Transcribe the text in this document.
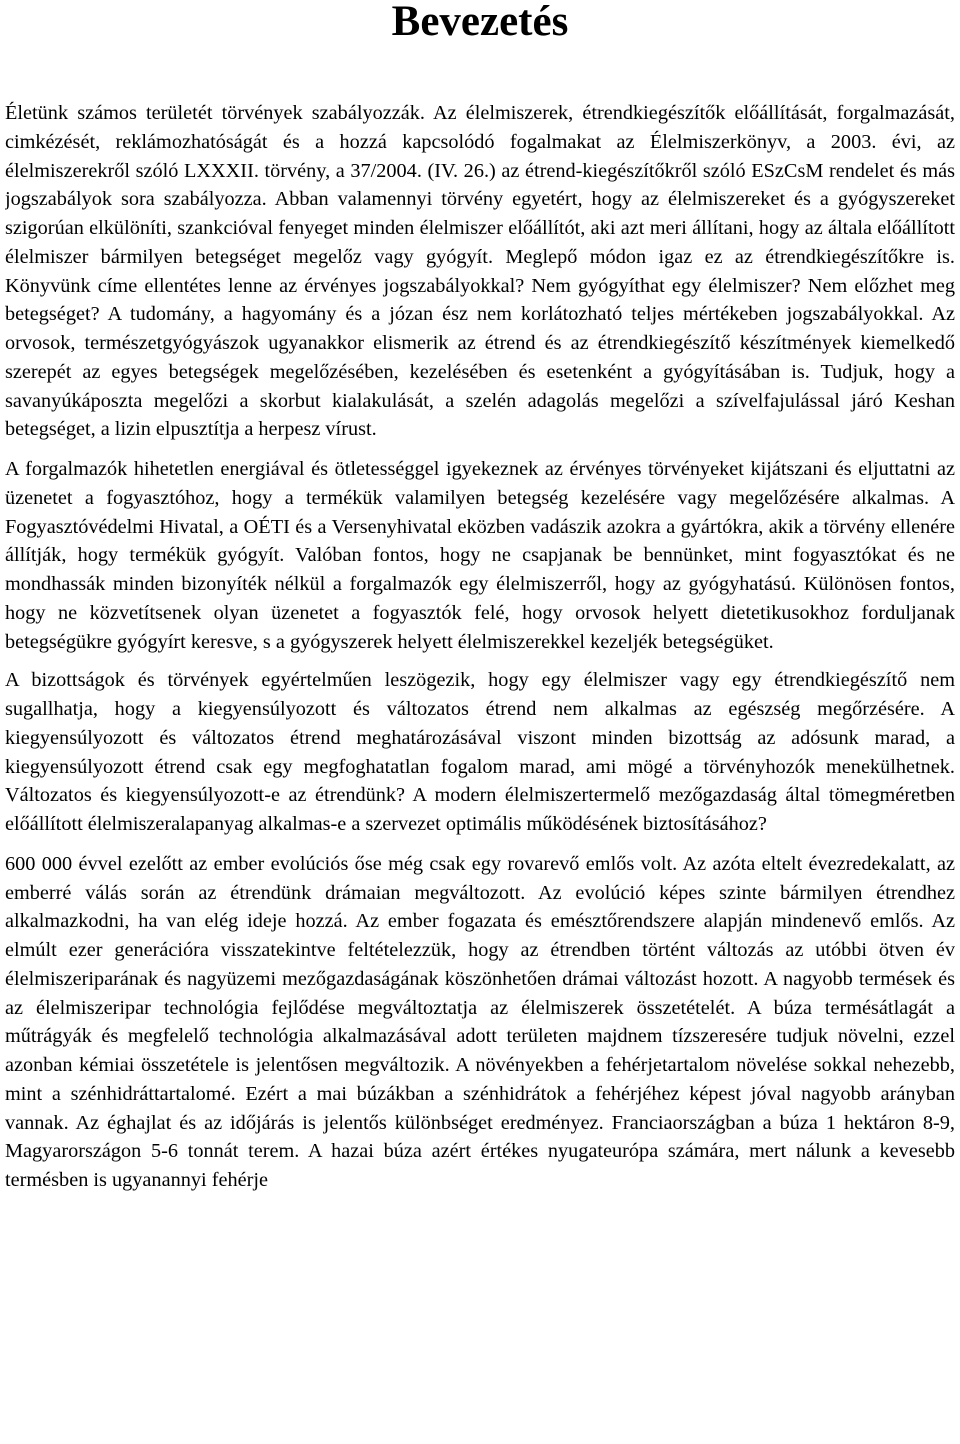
Bevezetés

Életünk számos területét törvények szabályozzák. Az élelmiszerek, étrendkiegészítők előállítását, forgalmazását, cimkézését, reklámozhatóságát és a hozzá kapcsolódó fogalmakat az Élelmiszerkönyv, a 2003. évi, az élelmiszerekről szóló LXXXII. törvény, a 37/2004. (IV. 26.) az étrend-kiegészítőkről szóló ESzCsM rendelet és más jogszabályok sora szabályozza. Abban valamennyi törvény egyetért, hogy az élelmiszereket és a gyógyszereket szigorúan elkülöníti, szankcióval fenyeget minden élelmiszer előállítót, aki azt meri állítani, hogy az általa előállított élelmiszer bármilyen betegséget megelőz vagy gyógyít. Meglepő módon igaz ez az étrendkiegészítőkre is. Könyvünk címe ellentétes lenne az érvényes jogszabályokkal? Nem gyógyíthat egy élelmiszer? Nem előzhet meg betegséget? A tudomány, a hagyomány és a józan ész nem korlátozható teljes mértékeben jogszabályokkal. Az orvosok, természetgyógyászok ugyanakkor elismerik az étrend és az étrendkiegészítő készítmények kiemelkedő szerepét az egyes betegségek megelőzésében, kezelésében és esetenként a gyógyításában is. Tudjuk, hogy a savanyúkáposzta megelőzi a skorbut kialakulását, a szelén adagolás megelőzi a szívelfajulással járó Keshan betegséget, a lizin elpusztítja a herpesz vírust.

A forgalmazók hihetetlen energiával és ötletességgel igyekeznek az érvényes törvényeket kijátszani és eljuttatni az üzenetet a fogyasztóhoz, hogy a termékük valamilyen betegség kezelésére vagy megelőzésére alkalmas. A Fogyasztóvédelmi Hivatal, a OÉTI és a Versenyhivatal eközben vadászik azokra a gyártókra, akik a törvény ellenére állítják, hogy termékük gyógyít. Valóban fontos, hogy ne csapjanak be bennünket, mint fogyasztókat és ne mondhassák minden bizonyíték nélkül a forgalmazók egy élelmiszerről, hogy az gyógyhatású. Különösen fontos, hogy ne közvetítsenek olyan üzenetet a fogyasztók felé, hogy orvosok helyett dietetikusokhoz forduljanak betegségükre gyógyírt keresve, s a gyógyszerek helyett élelmiszerekkel kezeljék betegségüket.

A bizottságok és törvények egyértelműen leszögezik, hogy egy élelmiszer vagy egy étrendkiegészítő nem sugallhatja, hogy a kiegyensúlyozott és változatos étrend nem alkalmas az egészség megőrzésére. A kiegyensúlyozott és változatos étrend meghatározásával viszont minden bizottság az adósunk marad, a kiegyensúlyozott étrend csak egy megfoghatatlan fogalom marad, ami mögé a törvényhozók menekülhetnek. Változatos és kiegyensúlyozott-e az étrendünk? A modern élelmiszertermelő mezőgazdaság által tömegméretben előállított élelmiszeralapanyag alkalmas-e a szervezet optimális működésének biztosításához?

600 000 évvel ezelőtt az ember evolúciós őse még csak egy rovarevő emlős volt. Az azóta eltelt évezredekalatt, az emberré válás során az étrendünk drámaian megváltozott. Az evolúció képes szinte bármilyen étrendhez alkalmazkodni, ha van elég ideje hozzá. Az ember fogazata és emésztőrendszere alapján mindenevő emlős. Az elmúlt ezer generációra visszatekintve feltételezzük, hogy az étrendben történt változás az utóbbi ötven év élelmiszeriparának és nagyüzemi mezőgazdaságának köszönhetően drámai változást hozott. A nagyobb termések és az élelmiszeripar technológia fejlődése megváltoztatja az élelmiszerek összetételét. A búza termésátlagát a műtrágyák és megfelelő technológia alkalmazásával adott területen majdnem tízszeresére tudjuk növelni, ezzel azonban kémiai összetétele is jelentősen megváltozik. A növényekben a fehérjetartalom növelése sokkal nehezebb, mint a szénhidráttartalomé. Ezért a mai búzákban a szénhidrátok a fehérjéhez képest jóval nagyobb arányban vannak. Az éghajlat és az időjárás is jelentős különbséget eredményez. Franciaországban a búza 1 hektáron 8-9, Magyarországon 5-6 tonnát terem. A hazai búza azért értékes nyugateurópa számára, mert nálunk a kevesebb termésben is ugyanannyi fehérje
